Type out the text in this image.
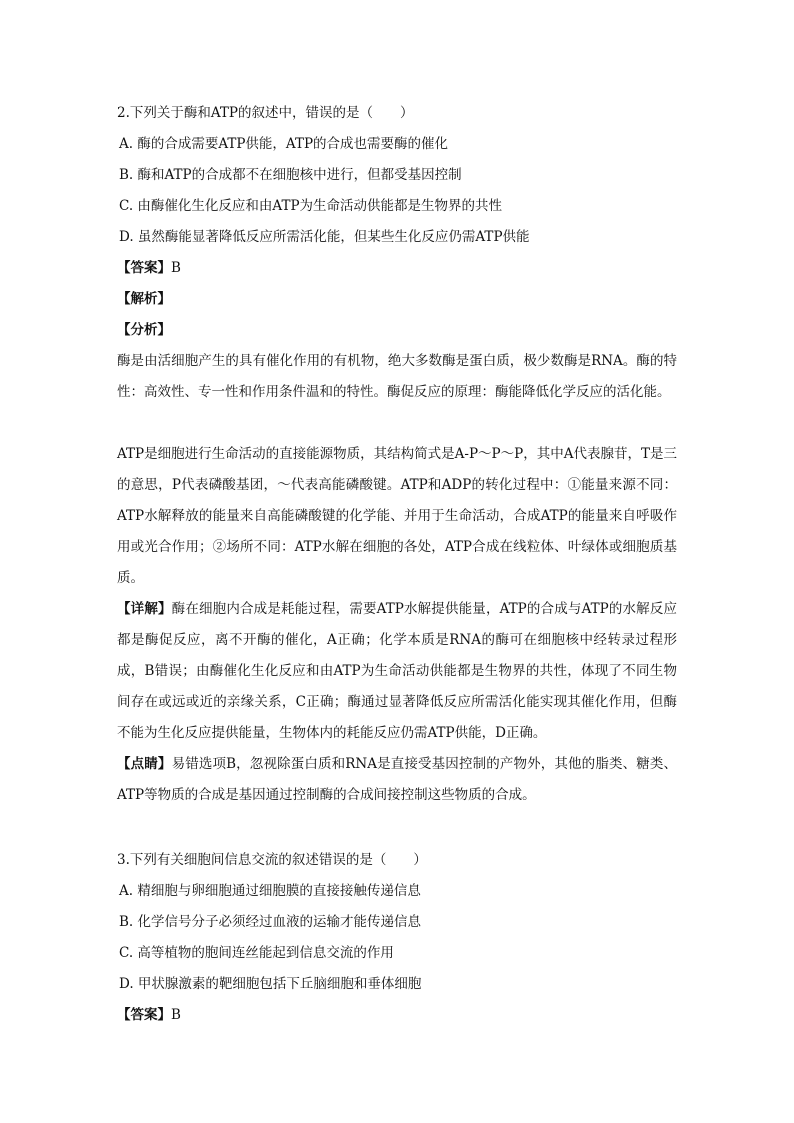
2.下列关于酶和ATP的叙述中，错误的是（　　）
A. 酶的合成需要ATP供能，ATP的合成也需要酶的催化
B. 酶和ATP的合成都不在细胞核中进行，但都受基因控制
C. 由酶催化生化反应和由ATP为生命活动供能都是生物界的共性
D. 虽然酶能显著降低反应所需活化能，但某些生化反应仍需ATP供能
【答案】B
【解析】
【分析】
酶是由活细胞产生的具有催化作用的有机物，绝大多数酶是蛋白质，极少数酶是RNA。酶的特性：高效性、专一性和作用条件温和的特性。酶促反应的原理：酶能降低化学反应的活化能。
ATP是细胞进行生命活动的直接能源物质，其结构简式是A-P～P～P，其中A代表腺苷，T是三的意思，P代表磷酸基团，～代表高能磷酸键。ATP和ADP的转化过程中：①能量来源不同：ATP水解释放的能量来自高能磷酸键的化学能、并用于生命活动，合成ATP的能量来自呼吸作用或光合作用；②场所不同：ATP水解在细胞的各处，ATP合成在线粒体、叶绿体或细胞质基质。
【详解】酶在细胞内合成是耗能过程，需要ATP水解提供能量，ATP的合成与ATP的水解反应都是酶促反应，离不开酶的催化，A正确；化学本质是RNA的酶可在细胞核中经转录过程形成，B错误；由酶催化生化反应和由ATP为生命活动供能都是生物界的共性，体现了不同生物间存在或远或近的亲缘关系，C正确；酶通过显著降低反应所需活化能实现其催化作用，但酶不能为生化反应提供能量，生物体内的耗能反应仍需ATP供能，D正确。
【点睛】易错选项B，忽视除蛋白质和RNA是直接受基因控制的产物外，其他的脂类、糖类、ATP等物质的合成是基因通过控制酶的合成间接控制这些物质的合成。
3.下列有关细胞间信息交流的叙述错误的是（　　）
A. 精细胞与卵细胞通过细胞膜的直接接触传递信息
B. 化学信号分子必须经过血液的运输才能传递信息
C. 高等植物的胞间连丝能起到信息交流的作用
D. 甲状腺激素的靶细胞包括下丘脑细胞和垂体细胞
【答案】B
